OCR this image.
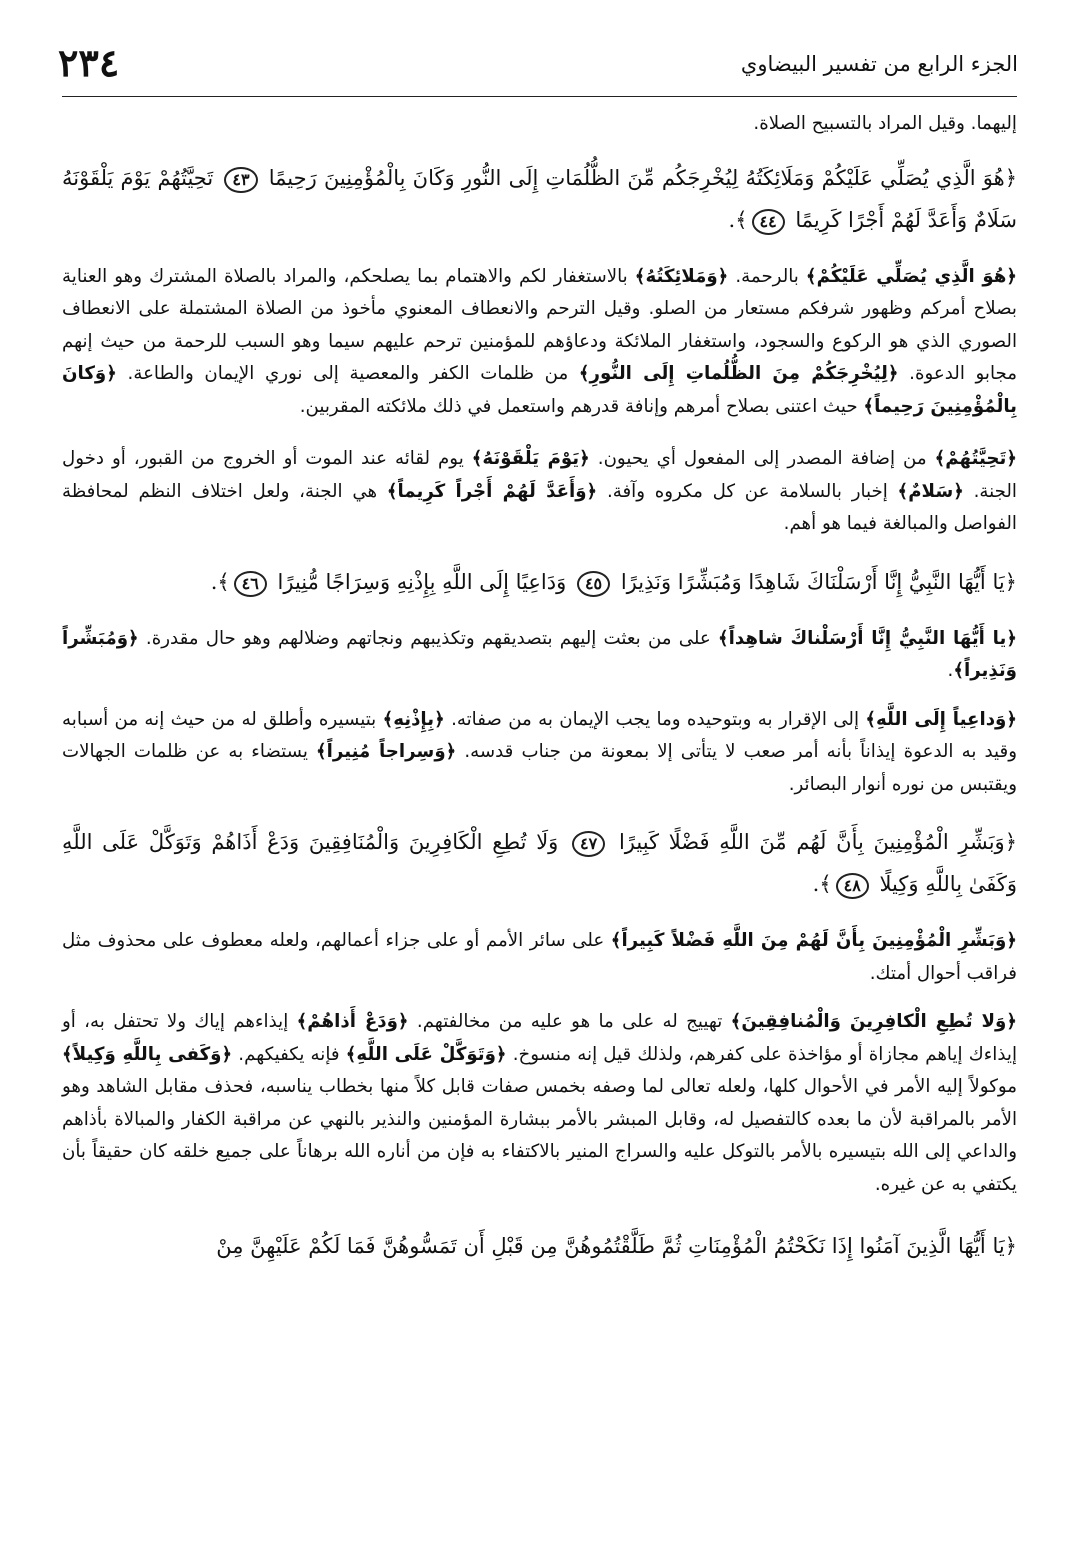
الجزء الرابع من تفسير البيضاوي
٢٣٤

إليهما. وقيل المراد بالتسبيح الصلاة.

﴿هُوَ الَّذِي يُصَلِّي عَلَيْكُمْ وَمَلَائِكَتُهُ لِيُخْرِجَكُم مِّنَ الظُّلُمَاتِ إِلَى النُّورِ وَكَانَ بِالْمُؤْمِنِينَ رَحِيمًا ٤٣ تَحِيَّتُهُمْ يَوْمَ يَلْقَوْنَهُ سَلَامٌ وَأَعَدَّ لَهُمْ أَجْرًا كَرِيمًا ٤٤﴾.

﴿هُوَ الَّذِي يُصَلِّي عَلَيْكُمْ﴾ بالرحمة. ﴿وَمَلائِكَتُهُ﴾ بالاستغفار لكم والاهتمام بما يصلحكم، والمراد بالصلاة المشترك وهو العناية بصلاح أمركم وظهور شرفكم مستعار من الصلو. وقيل الترحم والانعطاف المعنوي مأخوذ من الصلاة المشتملة على الانعطاف الصوري الذي هو الركوع والسجود، واستغفار الملائكة ودعاؤهم للمؤمنين ترحم عليهم سيما وهو السبب للرحمة من حيث إنهم مجابو الدعوة. ﴿لِيُخْرِجَكُمْ مِنَ الظُّلُماتِ إِلَى النُّورِ﴾ من ظلمات الكفر والمعصية إلى نوري الإيمان والطاعة. ﴿وَكانَ بِالْمُؤْمِنِينَ رَحِيماً﴾ حيث اعتنى بصلاح أمرهم وإنافة قدرهم واستعمل في ذلك ملائكته المقربين.

﴿تَحِيَّتُهُمْ﴾ من إضافة المصدر إلى المفعول أي يحيون. ﴿يَوْمَ يَلْقَوْنَهُ﴾ يوم لقائه عند الموت أو الخروج من القبور، أو دخول الجنة. ﴿سَلامٌ﴾ إخبار بالسلامة عن كل مكروه وآفة. ﴿وَأَعَدَّ لَهُمْ أَجْراً كَرِيماً﴾ هي الجنة، ولعل اختلاف النظم لمحافظة الفواصل والمبالغة فيما هو أهم.

﴿يَا أَيُّهَا النَّبِيُّ إِنَّا أَرْسَلْنَاكَ شَاهِدًا وَمُبَشِّرًا وَنَذِيرًا ٤٥ وَدَاعِيًا إِلَى اللَّهِ بِإِذْنِهِ وَسِرَاجًا مُّنِيرًا ٤٦﴾.

﴿يا أَيُّهَا النَّبِيُّ إِنَّا أَرْسَلْناكَ شاهِداً﴾ على من بعثت إليهم بتصديقهم وتكذيبهم ونجاتهم وضلالهم وهو حال مقدرة. ﴿وَمُبَشِّراً وَنَذِيراً﴾.

﴿وَداعِياً إِلَى اللَّهِ﴾ إلى الإقرار به وبتوحيده وما يجب الإيمان به من صفاته. ﴿بِإِذْنِهِ﴾ بتيسيره وأطلق له من حيث إنه من أسبابه وقيد به الدعوة إيذاناً بأنه أمر صعب لا يتأتى إلا بمعونة من جناب قدسه. ﴿وَسِراجاً مُنِيراً﴾ يستضاء به عن ظلمات الجهالات ويقتبس من نوره أنوار البصائر.

﴿وَبَشِّرِ الْمُؤْمِنِينَ بِأَنَّ لَهُم مِّنَ اللَّهِ فَضْلًا كَبِيرًا ٤٧ وَلَا تُطِعِ الْكَافِرِينَ وَالْمُنَافِقِينَ وَدَعْ أَذَاهُمْ وَتَوَكَّلْ عَلَى اللَّهِ وَكَفَىٰ بِاللَّهِ وَكِيلًا ٤٨﴾.

﴿وَبَشِّرِ الْمُؤْمِنِينَ بِأَنَّ لَهُمْ مِنَ اللَّهِ فَضْلاً كَبِيراً﴾ على سائر الأمم أو على جزاء أعمالهم، ولعله معطوف على محذوف مثل فراقب أحوال أمتك.

﴿وَلا تُطِعِ الْكافِرِينَ وَالْمُنافِقِينَ﴾ تهييج له على ما هو عليه من مخالفتهم. ﴿وَدَعْ أَذاهُمْ﴾ إيذاءهم إياك ولا تحتفل به، أو إيذاءك إياهم مجازاة أو مؤاخذة على كفرهم، ولذلك قيل إنه منسوخ. ﴿وَتَوَكَّلْ عَلَى اللَّهِ﴾ فإنه يكفيكهم. ﴿وَكَفى بِاللَّهِ وَكِيلاً﴾ موكولاً إليه الأمر في الأحوال كلها، ولعله تعالى لما وصفه بخمس صفات قابل كلاً منها بخطاب يناسبه، فحذف مقابل الشاهد وهو الأمر بالمراقبة لأن ما بعده كالتفصيل له، وقابل المبشر بالأمر ببشارة المؤمنين والنذير بالنهي عن مراقبة الكفار والمبالاة بأذاهم والداعي إلى الله بتيسيره بالأمر بالتوكل عليه والسراج المنير بالاكتفاء به فإن من أناره الله برهاناً على جميع خلقه كان حقيقاً بأن يكتفي به عن غيره.

﴿يَا أَيُّهَا الَّذِينَ آمَنُوا إِذَا نَكَحْتُمُ الْمُؤْمِنَاتِ ثُمَّ طَلَّقْتُمُوهُنَّ مِن قَبْلِ أَن تَمَسُّوهُنَّ فَمَا لَكُمْ عَلَيْهِنَّ مِنْ
